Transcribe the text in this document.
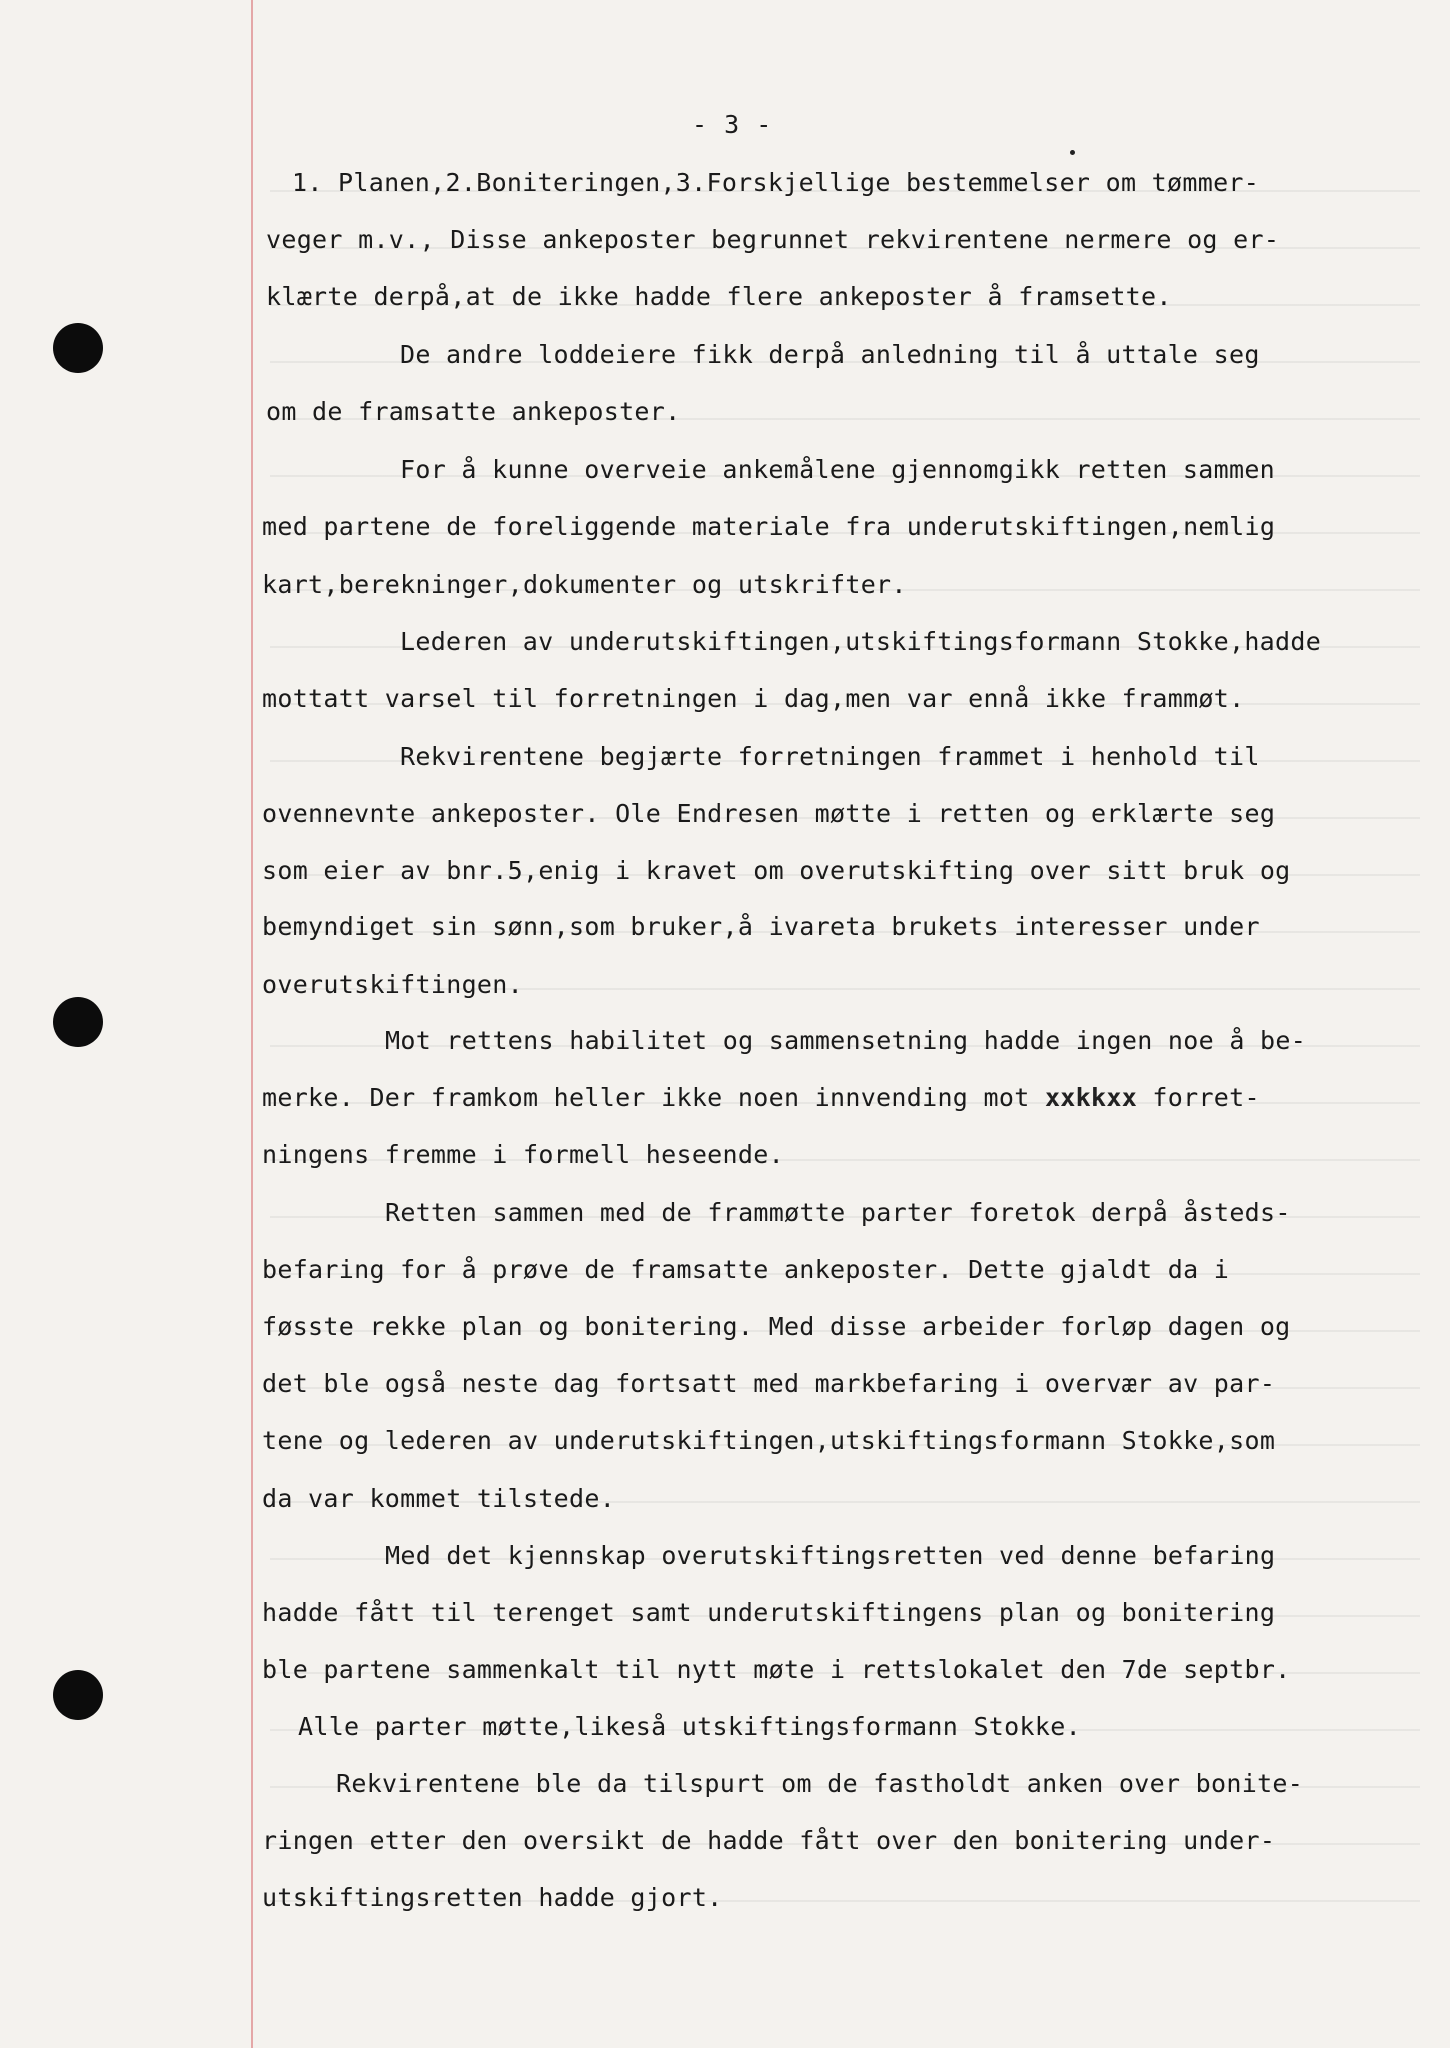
- 3 -
1. Planen,2.Boniteringen,3.Forskjellige bestemmelser om tømmer-
veger m.v., Disse ankeposter begrunnet rekvirentene nermere og er-
klærte derpå,at de ikke hadde flere ankeposter å framsette.
De andre loddeiere fikk derpå anledning til å uttale seg
om de framsatte ankeposter.
For å kunne overveie ankemålene gjennomgikk retten sammen
med partene de foreliggende materiale fra underutskiftingen,nemlig
kart,berekninger,dokumenter og utskrifter.
Lederen av underutskiftingen,utskiftingsformann Stokke,hadde
mottatt varsel til forretningen i dag,men var ennå ikke frammøt.
Rekvirentene begjærte forretningen frammet i henhold til
ovennevnte ankeposter. Ole Endresen møtte i retten og erklærte seg
som eier av bnr.5,enig i kravet om overutskifting over sitt bruk og
bemyndiget sin sønn,som bruker,å ivareta brukets interesser under
overutskiftingen.
Mot rettens habilitet og sammensetning hadde ingen noe å be-
merke. Der framkom heller ikke noen innvending mot xxkkxx forret-
ningens fremme i formell heseende.
Retten sammen med de frammøtte parter foretok derpå åsteds-
befaring for å prøve de framsatte ankeposter. Dette gjaldt da i
føsste rekke plan og bonitering. Med disse arbeider forløp dagen og
det ble også neste dag fortsatt med markbefaring i overvær av par-
tene og lederen av underutskiftingen,utskiftingsformann Stokke,som
da var kommet tilstede.
Med det kjennskap overutskiftingsretten ved denne befaring
hadde fått til terenget samt underutskiftingens plan og bonitering
ble partene sammenkalt til nytt møte i rettslokalet den 7de septbr.
Alle parter møtte,likeså utskiftingsformann Stokke.
Rekvirentene ble da tilspurt om de fastholdt anken over bonite-
ringen etter den oversikt de hadde fått over den bonitering under-
utskiftingsretten hadde gjort.
